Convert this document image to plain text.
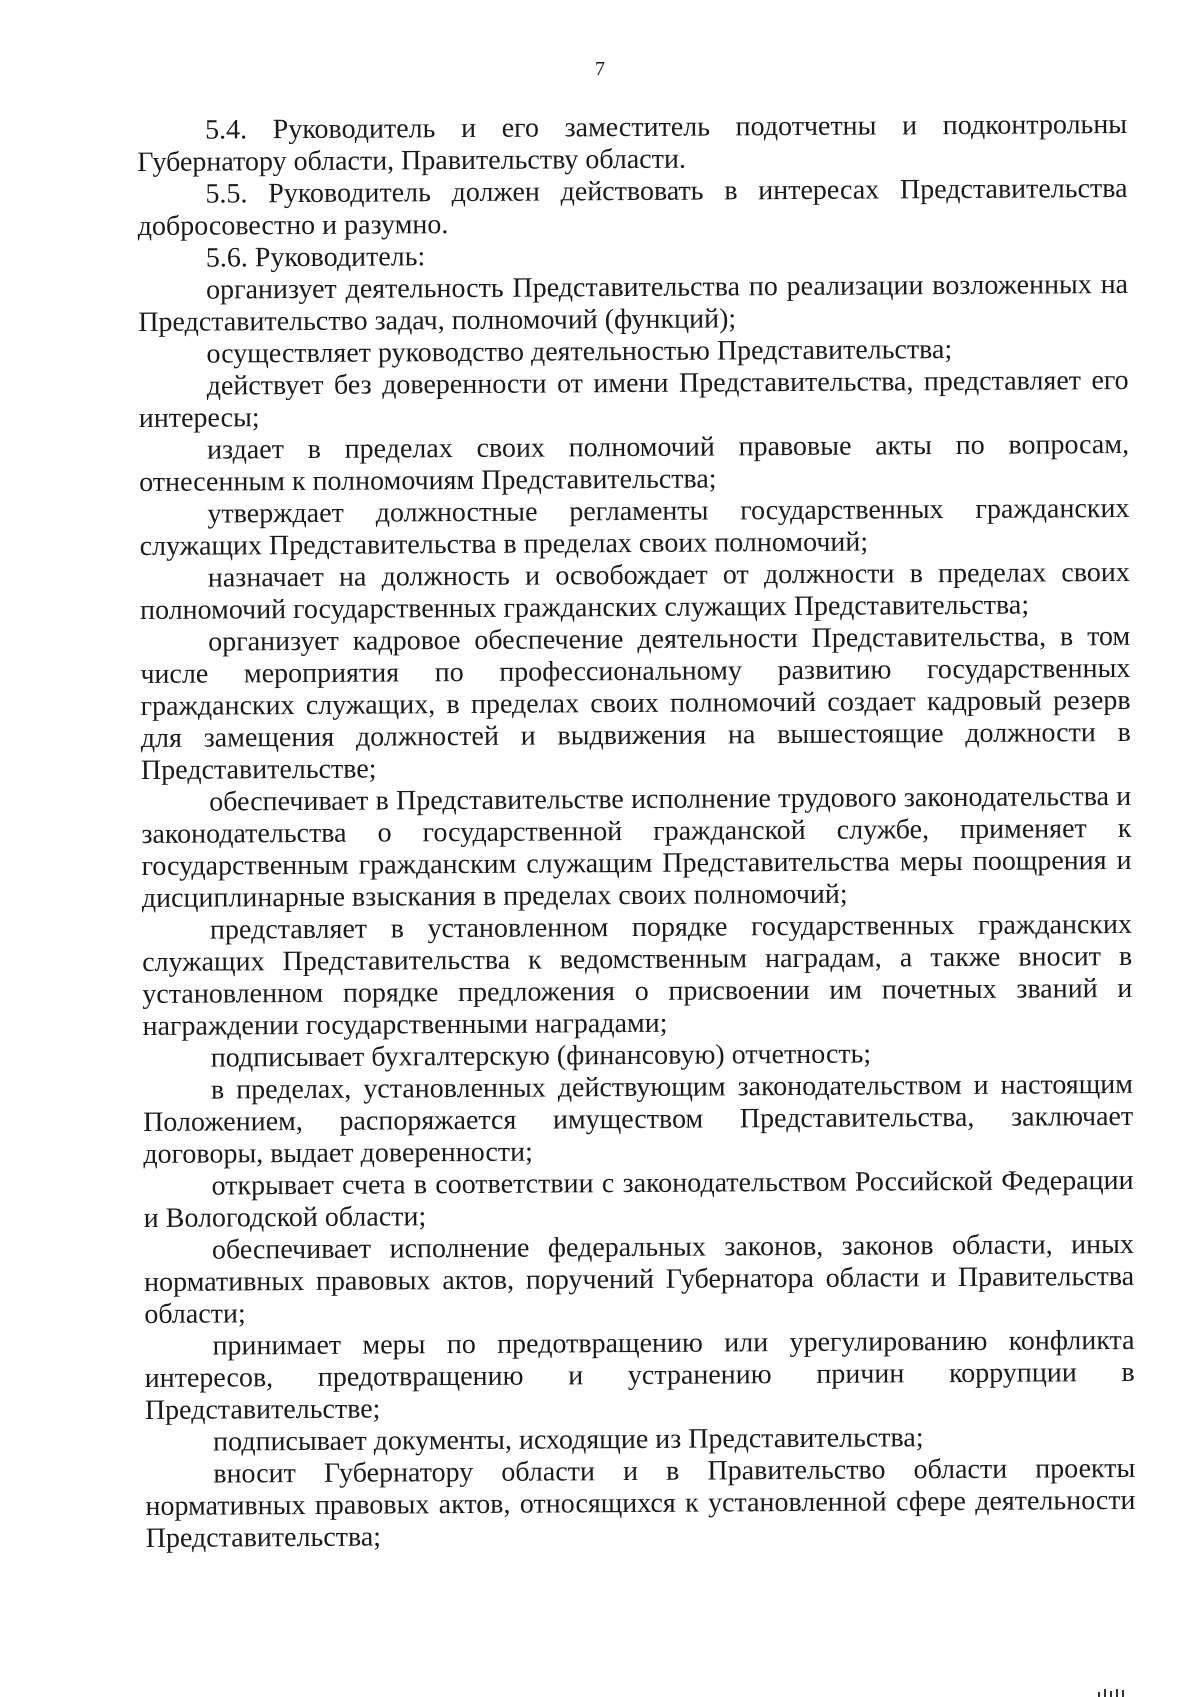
7

5.4. Руководитель и его заместитель подотчетны и подконтрольны Губернатору области, Правительству области.

5.5. Руководитель должен действовать в интересах Представительства добросовестно и разумно.

5.6. Руководитель:

организует деятельность Представительства по реализации возложенных на Представительство задач, полномочий (функций);

осуществляет руководство деятельностью Представительства;

действует без доверенности от имени Представительства, представляет его интересы;

издает в пределах своих полномочий правовые акты по вопросам, отнесенным к полномочиям Представительства;

утверждает должностные регламенты государственных гражданских служащих Представительства в пределах своих полномочий;

назначает на должность и освобождает от должности в пределах своих полномочий государственных гражданских служащих Представительства;

организует кадровое обеспечение деятельности Представительства, в том числе мероприятия по профессиональному развитию государственных гражданских служащих, в пределах своих полномочий создает кадровый резерв для замещения должностей и выдвижения на вышестоящие должности в Представительстве;

обеспечивает в Представительстве исполнение трудового законодательства и законодательства о государственной гражданской службе, применяет к государственным гражданским служащим Представительства меры поощрения и дисциплинарные взыскания в пределах своих полномочий;

представляет в установленном порядке государственных гражданских служащих Представительства к ведомственным наградам, а также вносит в установленном порядке предложения о присвоении им почетных званий и награждении государственными наградами;

подписывает бухгалтерскую (финансовую) отчетность;

в пределах, установленных действующим законодательством и настоящим Положением, распоряжается имуществом Представительства, заключает договоры, выдает доверенности;

открывает счета в соответствии с законодательством Российской Федерации и Вологодской области;

обеспечивает исполнение федеральных законов, законов области, иных нормативных правовых актов, поручений Губернатора области и Правительства области;

принимает меры по предотвращению или урегулированию конфликта интересов, предотвращению и устранению причин коррупции в Представительстве;

подписывает документы, исходящие из Представительства;

вносит Губернатору области и в Правительство области проекты нормативных правовых актов, относящихся к установленной сфере деятельности Представительства;
